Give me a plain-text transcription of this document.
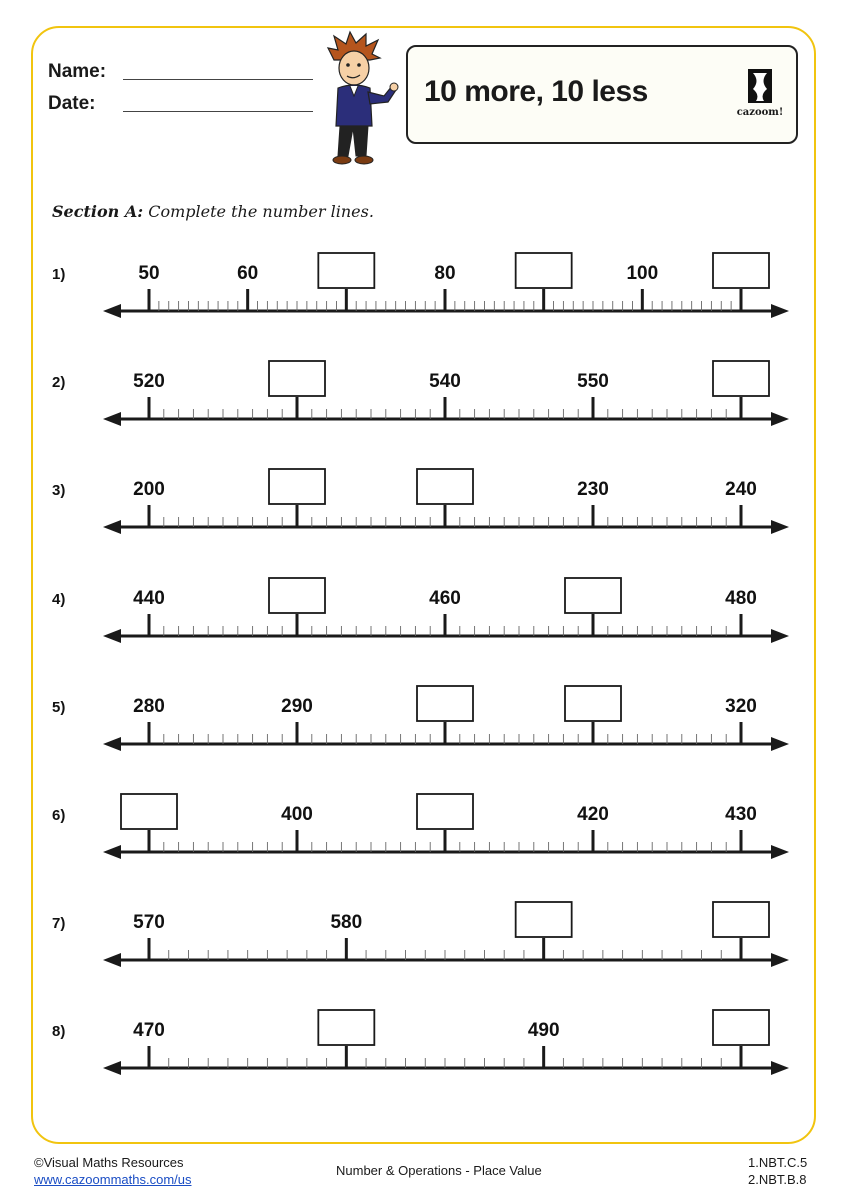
Name:
Date:	10 more, 10 less
cazoom!
Section A: Complete the number lines.
1)	50	60	80	100
2)	520	540	550
3)	200	230	240
4)	440	460	480
5)	280	290	320
6)	400	420	430
7)	570	580
8)	470	490
©Visual Maths Resources
www.cazoommaths.com/us
Number & Operations - Place Value
1.NBT.C.5
2.NBT.B.8
